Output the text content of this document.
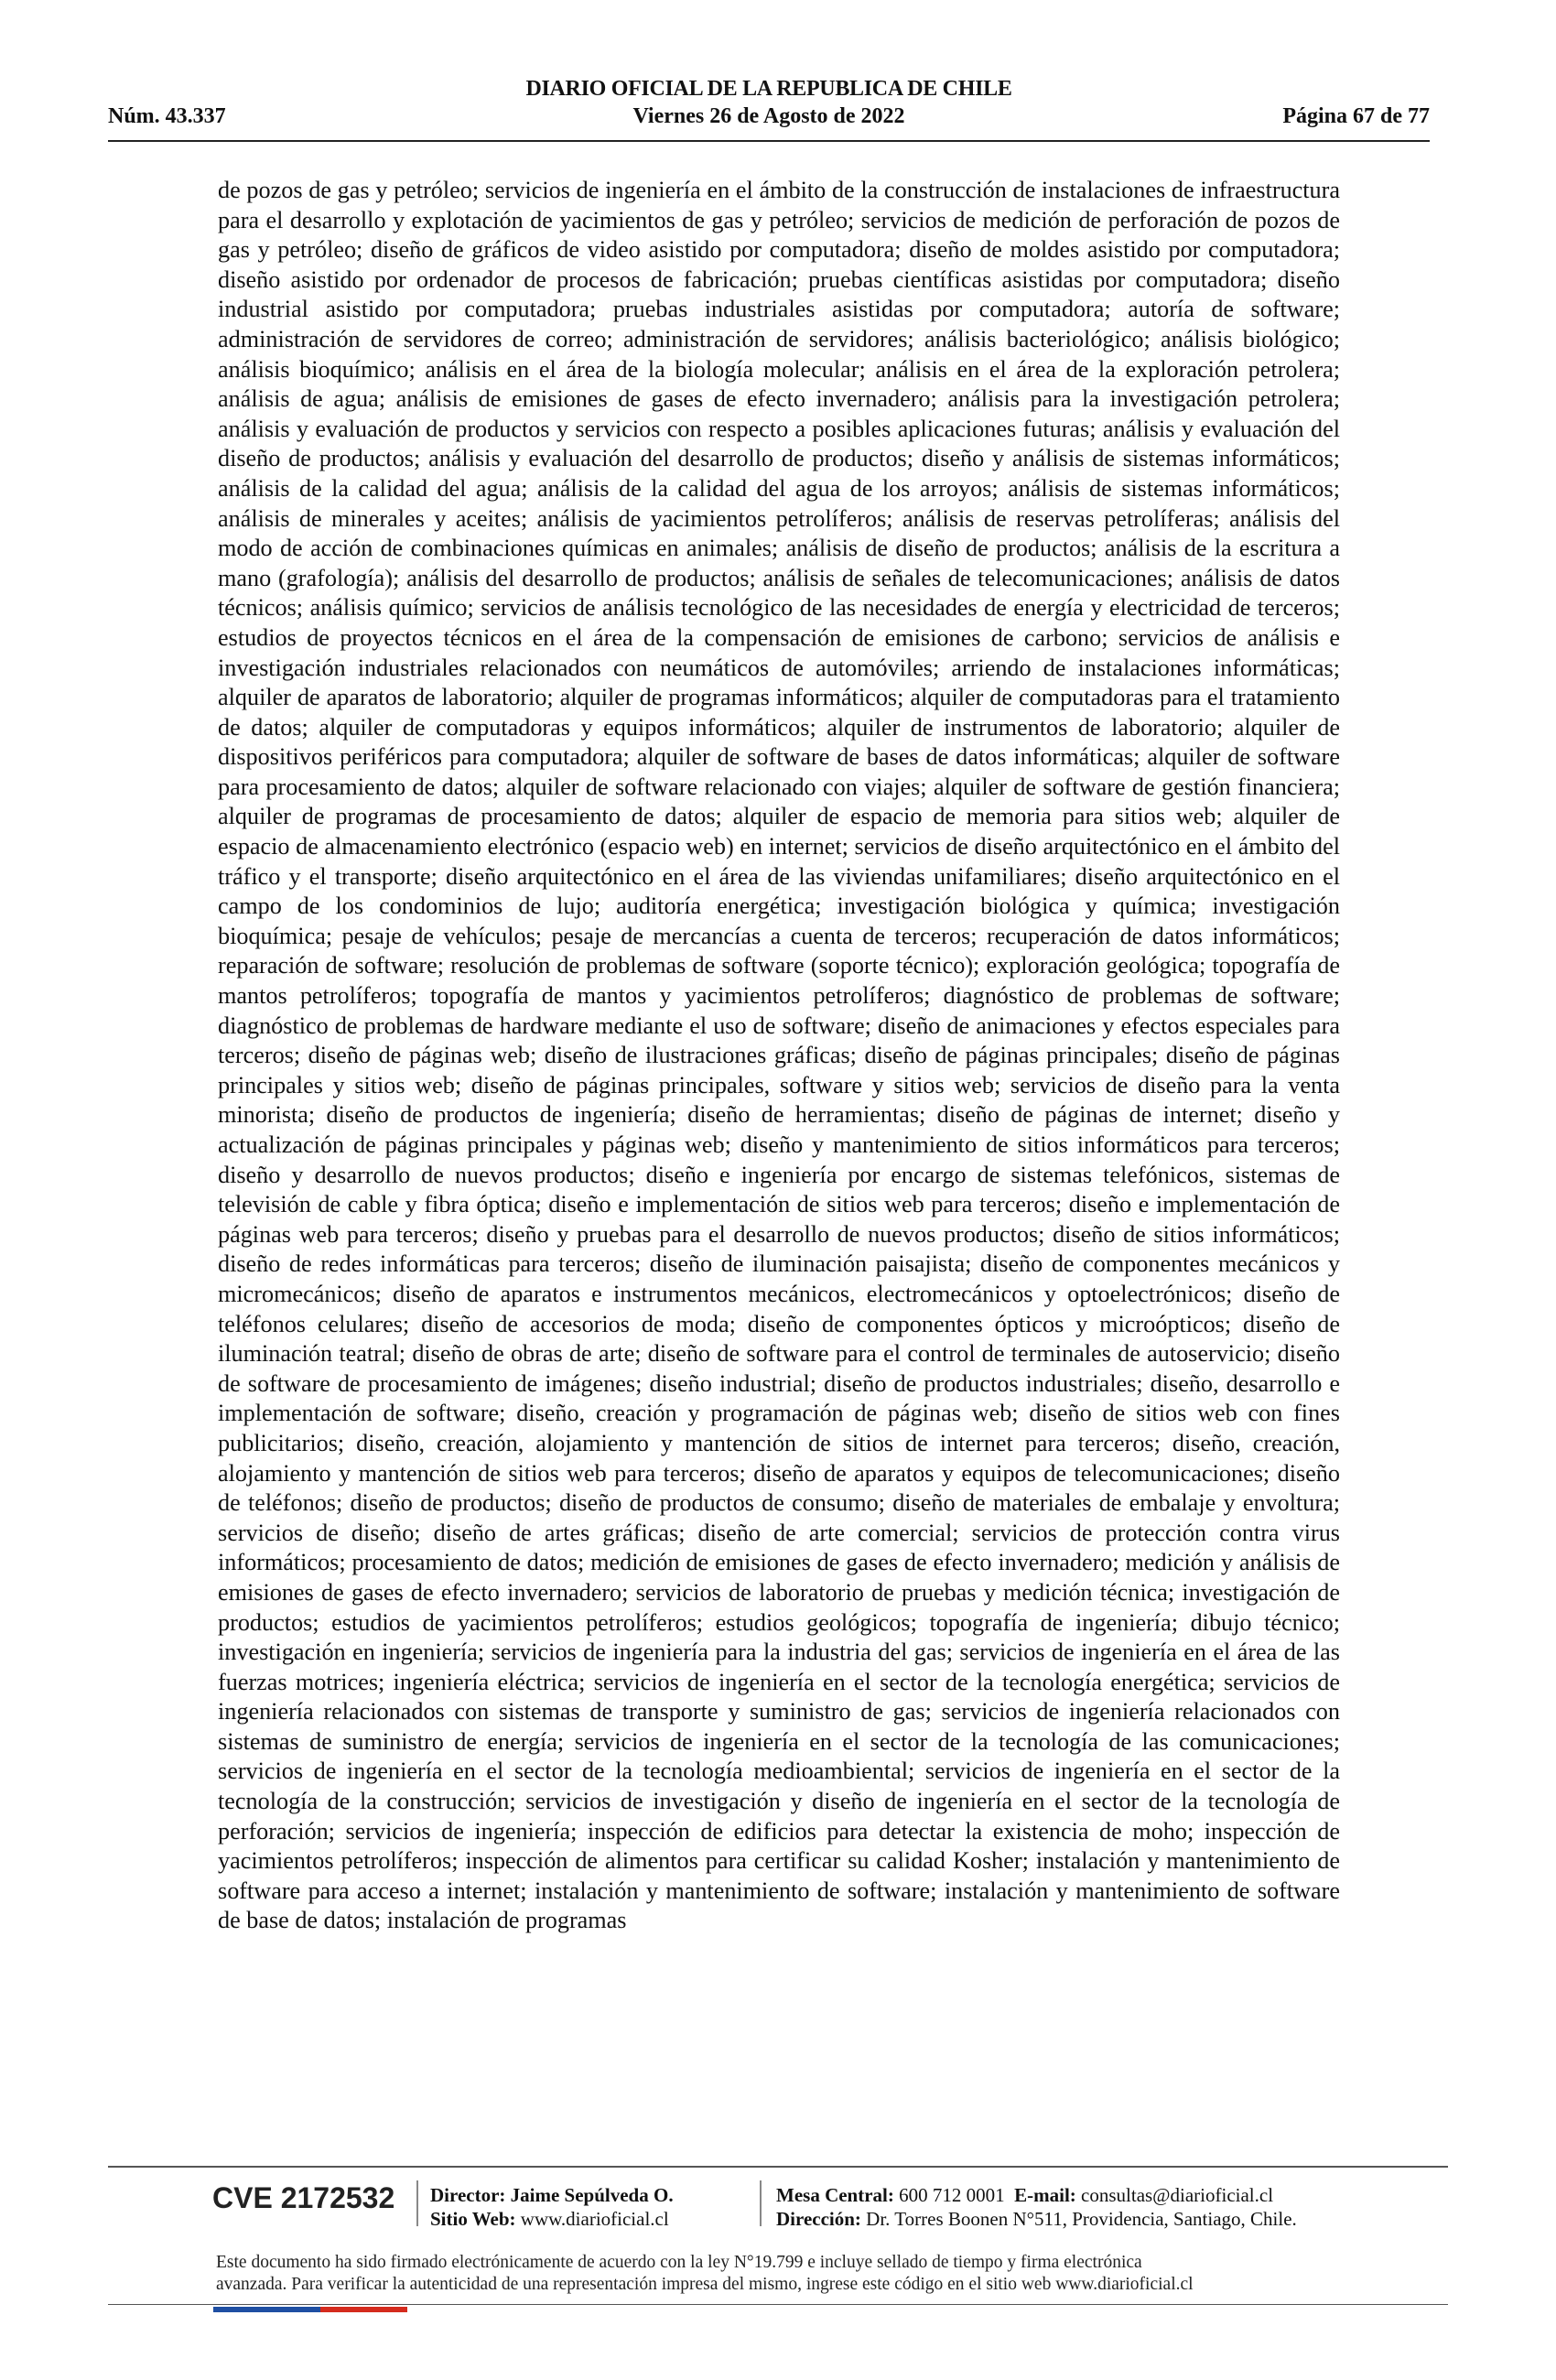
DIARIO OFICIAL DE LA REPUBLICA DE CHILE
Núm. 43.337	Viernes 26 de Agosto de 2022	Página 67 de 77
de pozos de gas y petróleo; servicios de ingeniería en el ámbito de la construcción de instalaciones de infraestructura para el desarrollo y explotación de yacimientos de gas y petróleo; servicios de medición de perforación de pozos de gas y petróleo; diseño de gráficos de video asistido por computadora; diseño de moldes asistido por computadora; diseño asistido por ordenador de procesos de fabricación; pruebas científicas asistidas por computadora; diseño industrial asistido por computadora; pruebas industriales asistidas por computadora; autoría de software; administración de servidores de correo; administración de servidores; análisis bacteriológico; análisis biológico; análisis bioquímico; análisis en el área de la biología molecular; análisis en el área de la exploración petrolera; análisis de agua; análisis de emisiones de gases de efecto invernadero; análisis para la investigación petrolera; análisis y evaluación de productos y servicios con respecto a posibles aplicaciones futuras; análisis y evaluación del diseño de productos; análisis y evaluación del desarrollo de productos; diseño y análisis de sistemas informáticos; análisis de la calidad del agua; análisis de la calidad del agua de los arroyos; análisis de sistemas informáticos; análisis de minerales y aceites; análisis de yacimientos petrolíferos; análisis de reservas petrolíferas; análisis del modo de acción de combinaciones químicas en animales; análisis de diseño de productos; análisis de la escritura a mano (grafología); análisis del desarrollo de productos; análisis de señales de telecomunicaciones; análisis de datos técnicos; análisis químico; servicios de análisis tecnológico de las necesidades de energía y electricidad de terceros; estudios de proyectos técnicos en el área de la compensación de emisiones de carbono; servicios de análisis e investigación industriales relacionados con neumáticos de automóviles; arriendo de instalaciones informáticas; alquiler de aparatos de laboratorio; alquiler de programas informáticos; alquiler de computadoras para el tratamiento de datos; alquiler de computadoras y equipos informáticos; alquiler de instrumentos de laboratorio; alquiler de dispositivos periféricos para computadora; alquiler de software de bases de datos informáticas; alquiler de software para procesamiento de datos; alquiler de software relacionado con viajes; alquiler de software de gestión financiera; alquiler de programas de procesamiento de datos; alquiler de espacio de memoria para sitios web; alquiler de espacio de almacenamiento electrónico (espacio web) en internet; servicios de diseño arquitectónico en el ámbito del tráfico y el transporte; diseño arquitectónico en el área de las viviendas unifamiliares; diseño arquitectónico en el campo de los condominios de lujo; auditoría energética; investigación biológica y química; investigación bioquímica; pesaje de vehículos; pesaje de mercancías a cuenta de terceros; recuperación de datos informáticos; reparación de software; resolución de problemas de software (soporte técnico); exploración geológica; topografía de mantos petrolíferos; topografía de mantos y yacimientos petrolíferos; diagnóstico de problemas de software; diagnóstico de problemas de hardware mediante el uso de software; diseño de animaciones y efectos especiales para terceros; diseño de páginas web; diseño de ilustraciones gráficas; diseño de páginas principales; diseño de páginas principales y sitios web; diseño de páginas principales, software y sitios web; servicios de diseño para la venta minorista; diseño de productos de ingeniería; diseño de herramientas; diseño de páginas de internet; diseño y actualización de páginas principales y páginas web; diseño y mantenimiento de sitios informáticos para terceros; diseño y desarrollo de nuevos productos; diseño e ingeniería por encargo de sistemas telefónicos, sistemas de televisión de cable y fibra óptica; diseño e implementación de sitios web para terceros; diseño e implementación de páginas web para terceros; diseño y pruebas para el desarrollo de nuevos productos; diseño de sitios informáticos; diseño de redes informáticas para terceros; diseño de iluminación paisajista; diseño de componentes mecánicos y micromecánicos; diseño de aparatos e instrumentos mecánicos, electromecánicos y optoelectrónicos; diseño de teléfonos celulares; diseño de accesorios de moda; diseño de componentes ópticos y microópticos; diseño de iluminación teatral; diseño de obras de arte; diseño de software para el control de terminales de autoservicio; diseño de software de procesamiento de imágenes; diseño industrial; diseño de productos industriales; diseño, desarrollo e implementación de software; diseño, creación y programación de páginas web; diseño de sitios web con fines publicitarios; diseño, creación, alojamiento y mantención de sitios de internet para terceros; diseño, creación, alojamiento y mantención de sitios web para terceros; diseño de aparatos y equipos de telecomunicaciones; diseño de teléfonos; diseño de productos; diseño de productos de consumo; diseño de materiales de embalaje y envoltura; servicios de diseño; diseño de artes gráficas; diseño de arte comercial; servicios de protección contra virus informáticos; procesamiento de datos; medición de emisiones de gases de efecto invernadero; medición y análisis de emisiones de gases de efecto invernadero; servicios de laboratorio de pruebas y medición técnica; investigación de productos; estudios de yacimientos petrolíferos; estudios geológicos; topografía de ingeniería; dibujo técnico; investigación en ingeniería; servicios de ingeniería para la industria del gas; servicios de ingeniería en el área de las fuerzas motrices; ingeniería eléctrica; servicios de ingeniería en el sector de la tecnología energética; servicios de ingeniería relacionados con sistemas de transporte y suministro de gas; servicios de ingeniería relacionados con sistemas de suministro de energía; servicios de ingeniería en el sector de la tecnología de las comunicaciones; servicios de ingeniería en el sector de la tecnología medioambiental; servicios de ingeniería en el sector de la tecnología de la construcción; servicios de investigación y diseño de ingeniería en el sector de la tecnología de perforación; servicios de ingeniería; inspección de edificios para detectar la existencia de moho; inspección de yacimientos petrolíferos; inspección de alimentos para certificar su calidad Kosher; instalación y mantenimiento de software para acceso a internet; instalación y mantenimiento de software; instalación y mantenimiento de software de base de datos; instalación de programas
CVE 2172532 Director: Jaime Sepúlveda O.
Sitio Web: www.diarioficial.cl
Mesa Central: 600 712 0001 E-mail: consultas@diarioficial.cl
Dirección: Dr. Torres Boonen N°511, Providencia, Santiago, Chile.
Este documento ha sido firmado electrónicamente de acuerdo con la ley N°19.799 e incluye sellado de tiempo y firma electrónica
avanzada. Para verificar la autenticidad de una representación impresa del mismo, ingrese este código en el sitio web www.diarioficial.cl
